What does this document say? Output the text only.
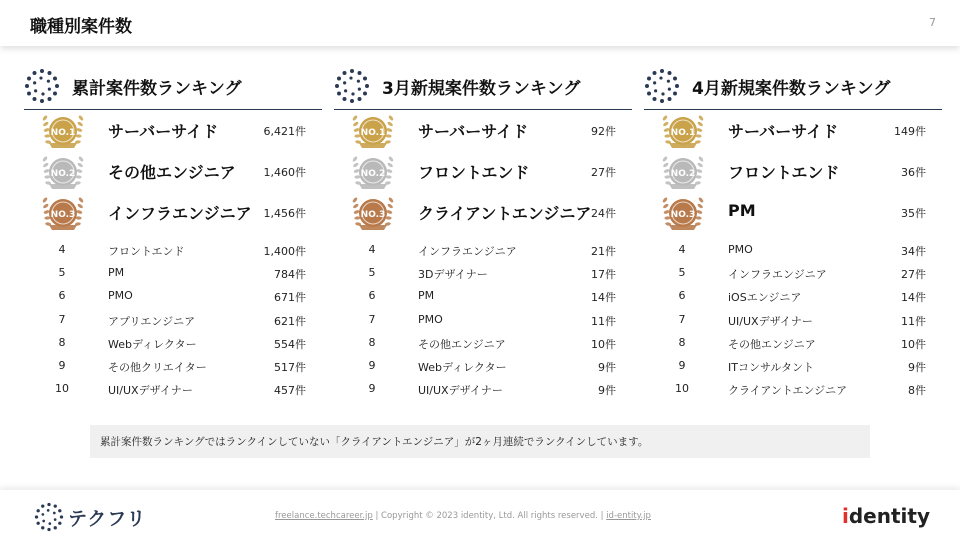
職種別案件数	7
累計案件数ランキング
NO.1 サーバーサイド	6,421件
NO.2 その他エンジニア	1,460件
NO.3 インフラエンジニア 1,456件
4	フロントエンド	1,400件
5	PM	784件
6	PMO	671件
7	アプリエンジニア	621件
8	Webディレクター	554件
9	その他クリエイター	517件
10	UI/UXデザイナー	457件
3月新規案件数ランキング
NO.1 サーバーサイド	92件
NO.2 フロントエンド	27件
NO.3 クライアントエンジニア 24件
4	インフラエンジニア	21件
5	3Dデザイナー	17件
6	PM	14件
7	PMO	11件
8	その他エンジニア	10件
9	Webディレクター	9件
9	UI/UXデザイナー	9件
4月新規案件数ランキング
NO.1 サーバーサイド	149件
NO.2 フロントエンド	36件
NO.3 PM	35件
4	PMO	34件
5	インフラエンジニア	27件
6	iOSエンジニア	14件
7	UI/UXデザイナー	11件
8	その他エンジニア	10件
9	ITコンサルタント	9件
10	クライアントエンジニア	8件
累計案件数ランキングではランクインしていない「クライアントエンジニア」が2ヶ月連続でランクインしています。
テクフリ	freelance.techcareer.jp | Copyright © 2023 identity, Ltd. All rights reserved. | id-entity.jp	identity
